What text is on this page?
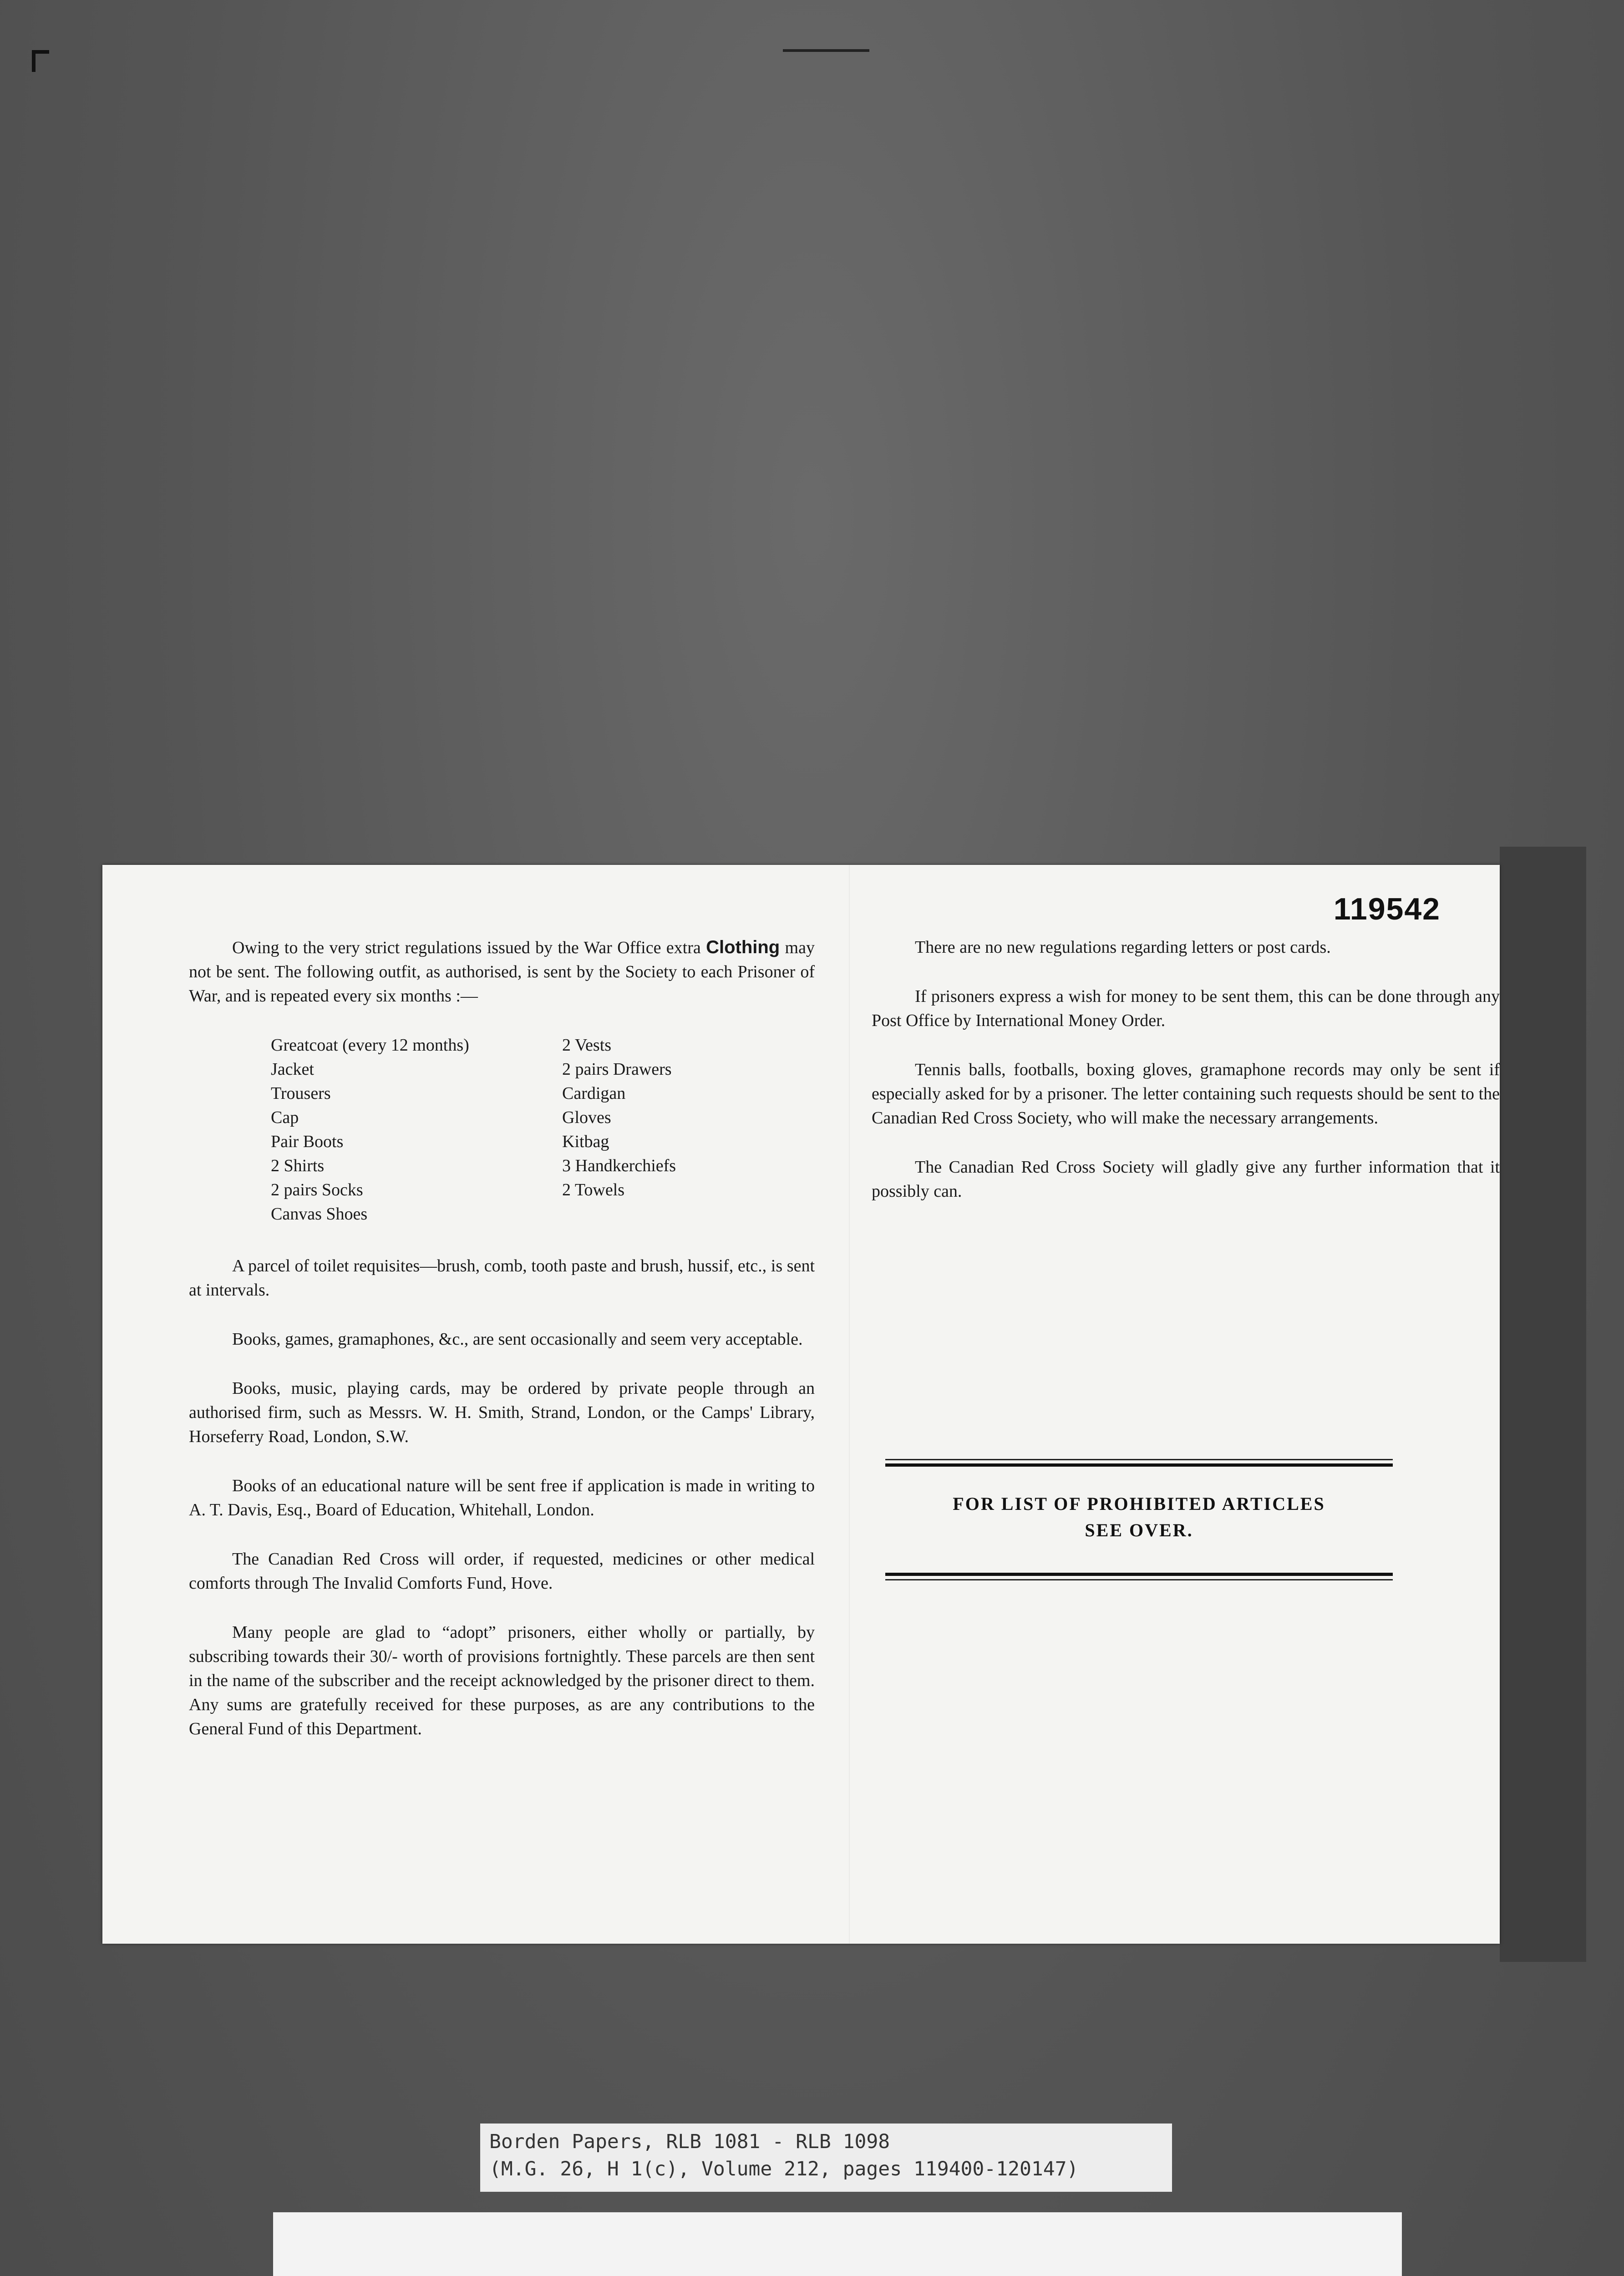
119542

Owing to the very strict regulations issued by the War Office extra Clothing may not be sent. The following outfit, as authorised, is sent by the Society to each Prisoner of War, and is repeated every six months :—

Greatcoat (every 12 months)
Jacket
Trousers
Cap
Pair Boots
2 Shirts
2 pairs Socks
Canvas Shoes
2 Vests
2 pairs Drawers
Cardigan
Gloves
Kitbag
3 Handkerchiefs
2 Towels

A parcel of toilet requisites—brush, comb, tooth paste and brush, hussif, etc., is sent at intervals.

Books, games, gramaphones, &c., are sent occasionally and seem very acceptable.

Books, music, playing cards, may be ordered by private people through an authorised firm, such as Messrs. W. H. Smith, Strand, London, or the Camps' Library, Horseferry Road, London, S.W.

Books of an educational nature will be sent free if application is made in writing to A. T. Davis, Esq., Board of Education, Whitehall, London.

The Canadian Red Cross will order, if requested, medicines or other medical comforts through The Invalid Comforts Fund, Hove.

Many people are glad to “adopt” prisoners, either wholly or partially, by subscribing towards their 30/- worth of provisions fortnightly. These parcels are then sent in the name of the subscriber and the receipt acknowledged by the prisoner direct to them. Any sums are gratefully received for these purposes, as are any contributions to the General Fund of this Department.

There are no new regulations regarding letters or post cards.

If prisoners express a wish for money to be sent them, this can be done through any Post Office by International Money Order.

Tennis balls, footballs, boxing gloves, gramaphone records may only be sent if especially asked for by a prisoner. The letter containing such requests should be sent to the Canadian Red Cross Society, who will make the necessary arrangements.

The Canadian Red Cross Society will gladly give any further information that it possibly can.

FOR LIST OF PROHIBITED ARTICLES
SEE OVER.
Borden Papers, RLB 1081 - RLB 1098
(M.G. 26, H 1(c), Volume 212, pages 119400-120147)
